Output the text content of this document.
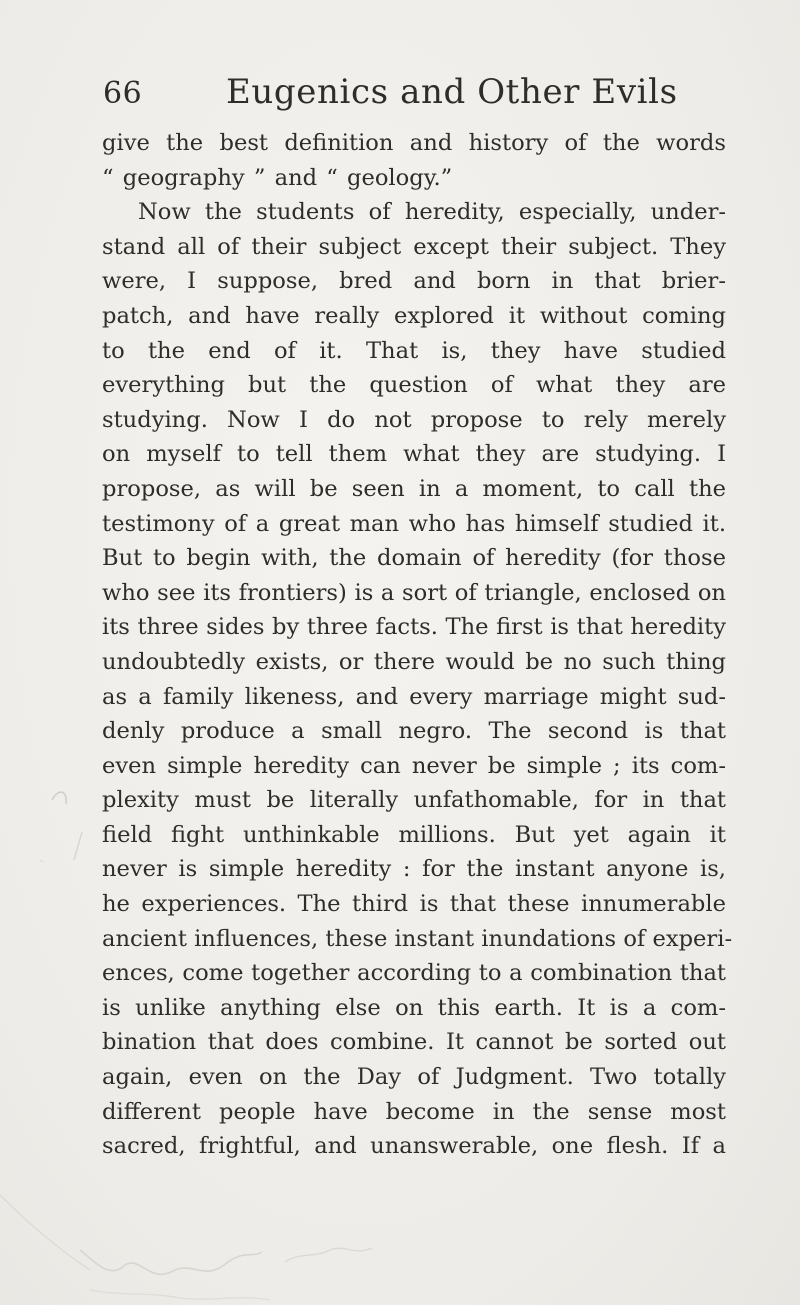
66	Eugenics and Other Evils
give the best definition and history of the words
“ geography ” and “ geology.”
Now the students of heredity, especially, under-
stand all of their subject except their subject. They
were, I suppose, bred and born in that brier-
patch, and have really explored it without coming
to the end of it. That is, they have studied
everything but the question of what they are
studying. Now I do not propose to rely merely
on myself to tell them what they are studying. I
propose, as will be seen in a moment, to call the
testimony of a great man who has himself studied it.
But to begin with, the domain of heredity (for those
who see its frontiers) is a sort of triangle, enclosed on
its three sides by three facts. The first is that heredity
undoubtedly exists, or there would be no such thing
as a family likeness, and every marriage might sud-
denly produce a small negro. The second is that
even simple heredity can never be simple ; its com-
plexity must be literally unfathomable, for in that
field fight unthinkable millions. But yet again it
never is simple heredity : for the instant anyone is,
he experiences. The third is that these innumerable
ancient influences, these instant inundations of experi-
ences, come together according to a combination that
is unlike anything else on this earth. It is a com-
bination that does combine. It cannot be sorted out
again, even on the Day of Judgment. Two totally
different people have become in the sense most
sacred, frightful, and unanswerable, one flesh. If a
